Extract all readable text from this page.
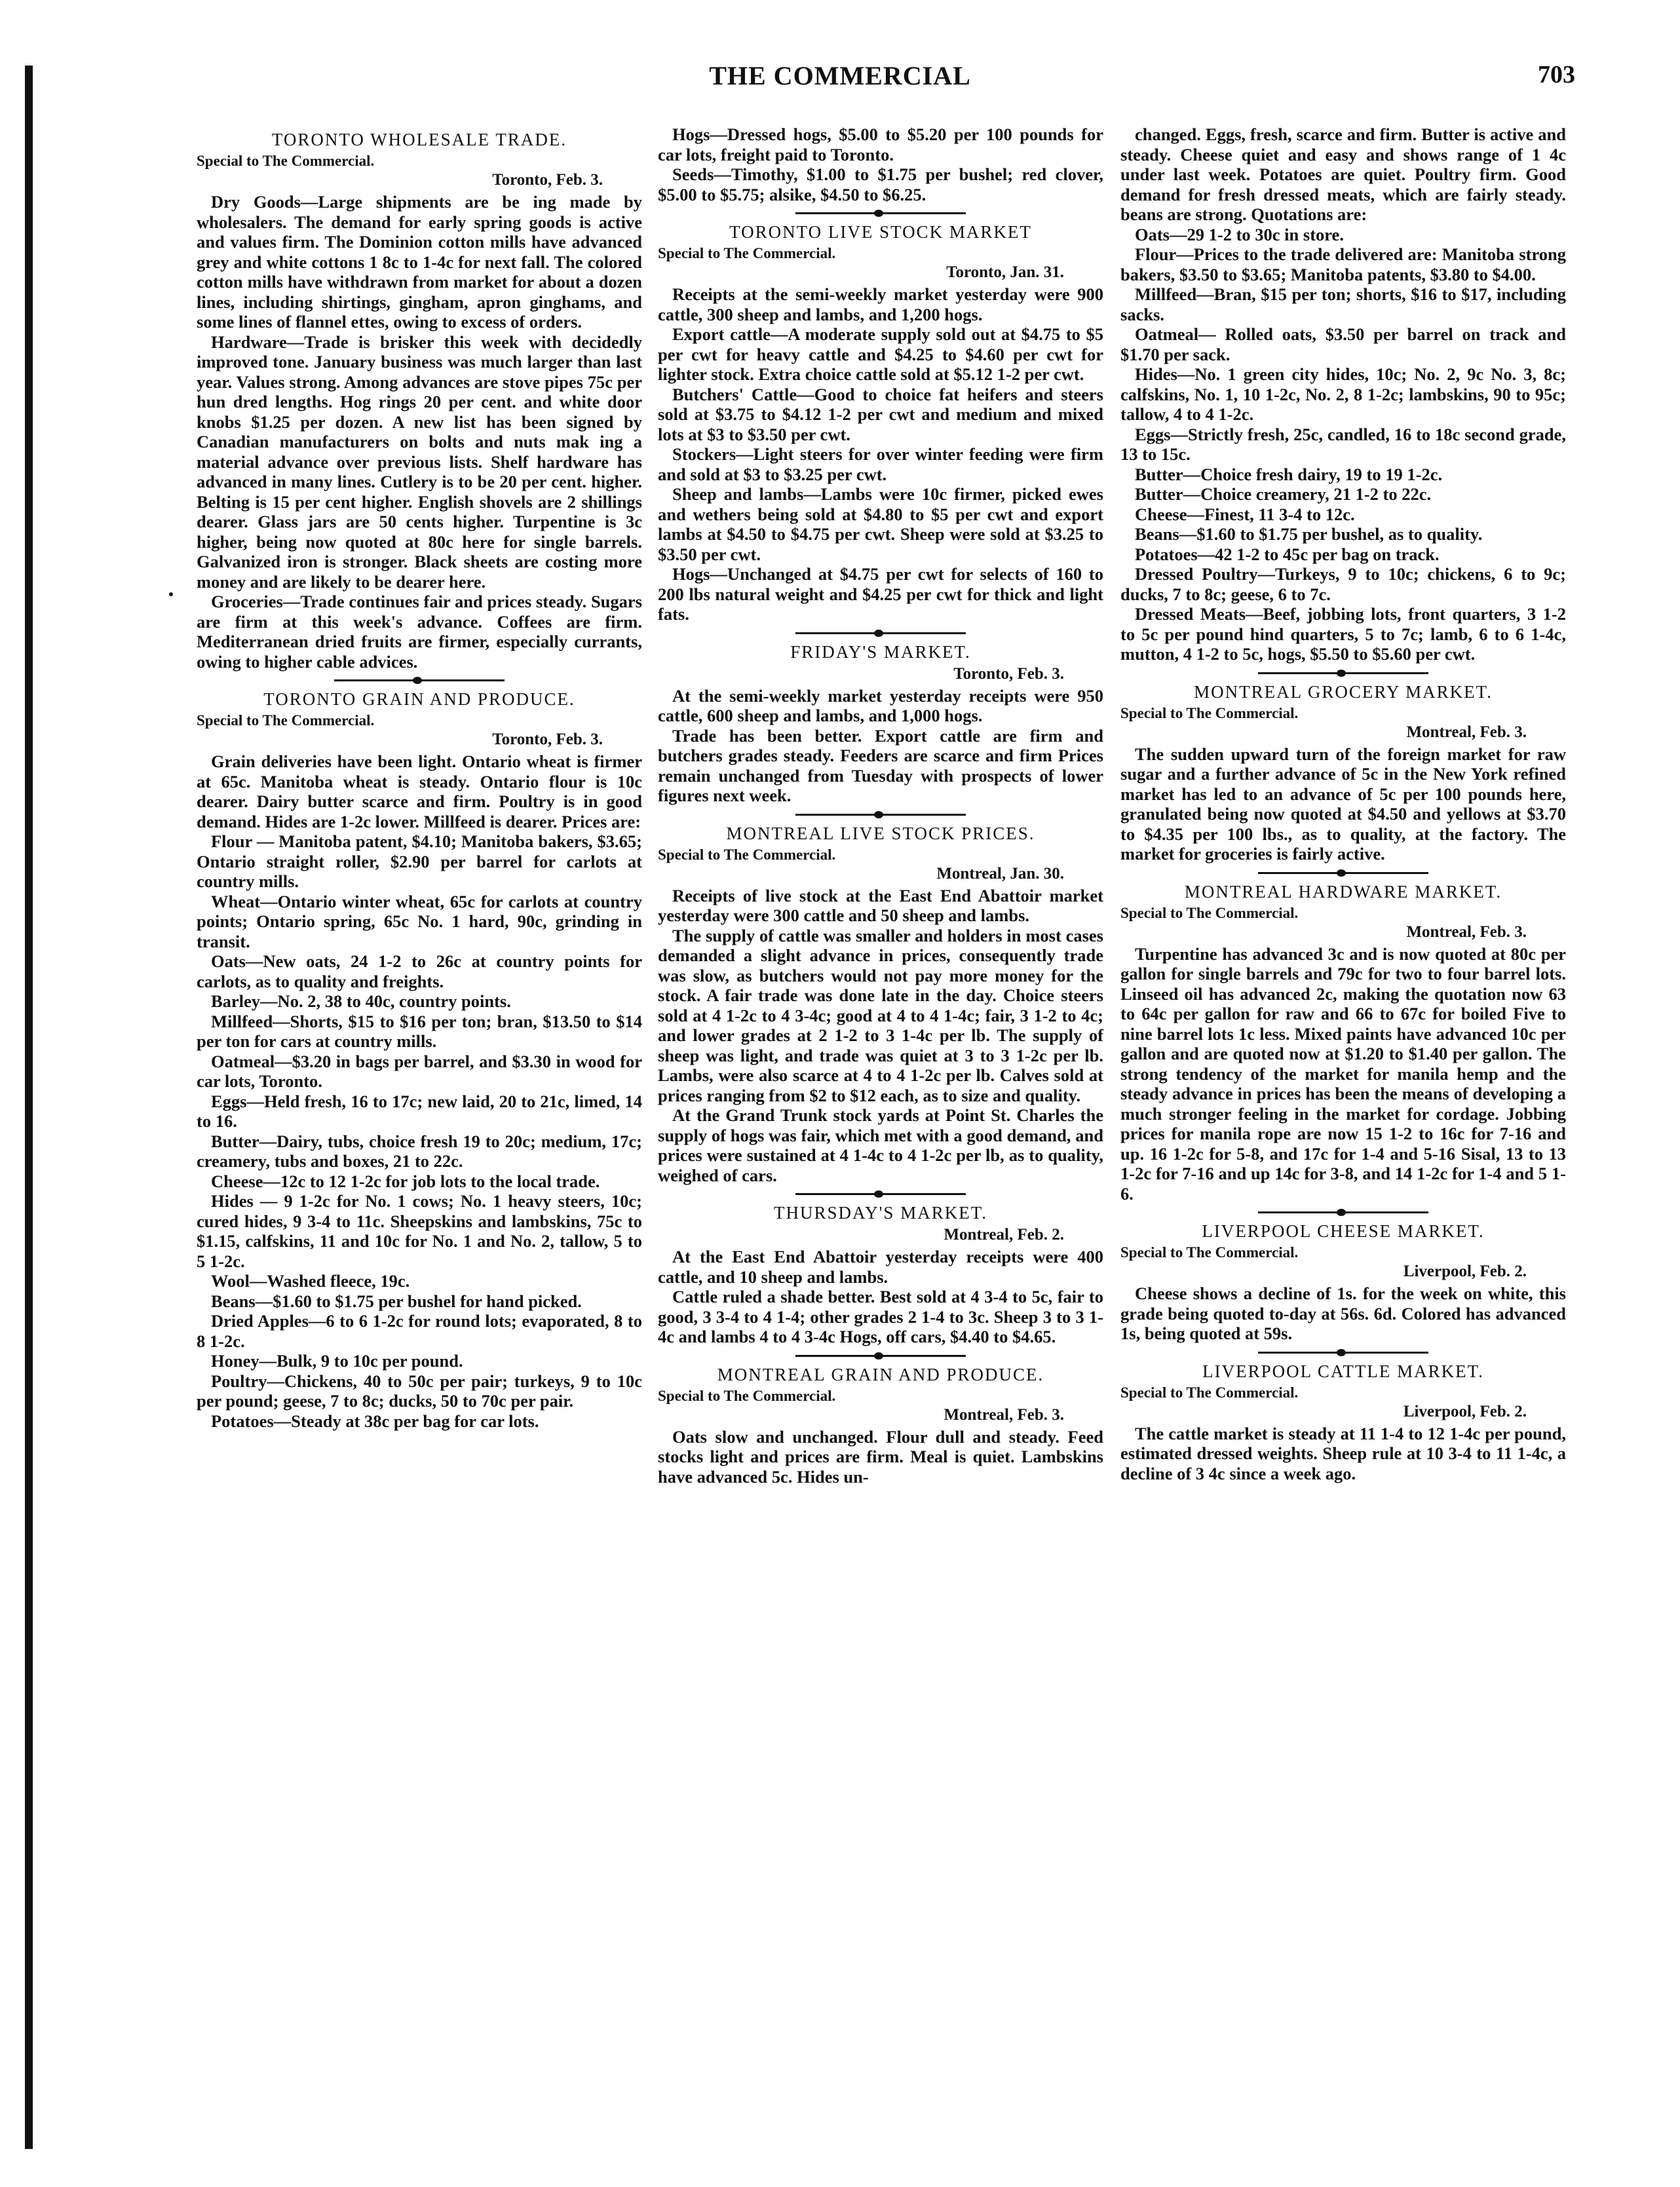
THE COMMERCIAL	703
TORONTO WHOLESALE TRADE.
Special to The Commercial.
Toronto, Feb. 3.

Dry Goods—Large shipments are be ing made by wholesalers. The demand for early spring goods is active and values firm. The Dominion cotton mills have advanced grey and white cottons 1 8c to 1-4c for next fall. The colored cotton mills have withdrawn from market for about a dozen lines, including shirtings, gingham, apron ginghams, and some lines of flannel ettes, owing to excess of orders.

Hardware—Trade is brisker this week with decidedly improved tone. January business was much larger than last year. Values strong. Among advances are stove pipes 75c per hun dred lengths. Hog rings 20 per cent. and white door knobs $1.25 per dozen. A new list has been signed by Canadian manufacturers on bolts and nuts mak ing a material advance over previous lists. Shelf hardware has advanced in many lines. Cutlery is to be 20 per cent. higher. Belting is 15 per cent higher. English shovels are 2 shillings dearer. Glass jars are 50 cents higher. Turpentine is 3c higher, being now quoted at 80c here for single barrels. Galvanized iron is stronger. Black sheets are costing more money and are likely to be dearer here.

Groceries—Trade continues fair and prices steady. Sugars are firm at this week's advance. Coffees are firm. Mediterranean dried fruits are firmer, especially currants, owing to higher cable advices.

TORONTO GRAIN AND PRODUCE.
Special to The Commercial.
Toronto, Feb. 3.

Grain deliveries have been light. Ontario wheat is firmer at 65c. Manitoba wheat is steady. Ontario flour is 10c dearer. Dairy butter scarce and firm. Poultry is in good demand. Hides are 1-2c lower. Millfeed is dearer. Prices are:

Flour — Manitoba patent, $4.10; Manitoba bakers, $3.65; Ontario straight roller, $2.90 per barrel for carlots at country mills.

Wheat—Ontario winter wheat, 65c for carlots at country points; Ontario spring, 65c No. 1 hard, 90c, grinding in transit.

Oats—New oats, 24 1-2 to 26c at country points for carlots, as to quality and freights.

Barley—No. 2, 38 to 40c, country points.

Millfeed—Shorts, $15 to $16 per ton; bran, $13.50 to $14 per ton for cars at country mills.

Oatmeal—$3.20 in bags per barrel, and $3.30 in wood for car lots, Toronto.

Eggs—Held fresh, 16 to 17c; new laid, 20 to 21c, limed, 14 to 16.

Butter—Dairy, tubs, choice fresh 19 to 20c; medium, 17c; creamery, tubs and boxes, 21 to 22c.

Cheese—12c to 12 1-2c for job lots to the local trade.

Hides — 9 1-2c for No. 1 cows; No. 1 heavy steers, 10c; cured hides, 9 3-4 to 11c. Sheepskins and lambskins, 75c to $1.15, calfskins, 11 and 10c for No. 1 and No. 2, tallow, 5 to 5 1-2c.

Wool—Washed fleece, 19c.

Beans—$1.60 to $1.75 per bushel for hand picked.

Dried Apples—6 to 6 1-2c for round lots; evaporated, 8 to 8 1-2c.

Honey—Bulk, 9 to 10c per pound.

Poultry—Chickens, 40 to 50c per pair; turkeys, 9 to 10c per pound; geese, 7 to 8c; ducks, 50 to 70c per pair.

Potatoes—Steady at 38c per bag for car lots.

Hogs—Dressed hogs, $5.00 to $5.20 per 100 pounds for car lots, freight paid to Toronto.

Seeds—Timothy, $1.00 to $1.75 per bushel; red clover, $5.00 to $5.75; alsike, $4.50 to $6.25.

TORONTO LIVE STOCK MARKET
Special to The Commercial.
Toronto, Jan. 31.

Receipts at the semi-weekly market yesterday were 900 cattle, 300 sheep and lambs, and 1,200 hogs.

Export cattle—A moderate supply sold out at $4.75 to $5 per cwt for heavy cattle and $4.25 to $4.60 per cwt for lighter stock. Extra choice cattle sold at $5.12 1-2 per cwt.

Butchers' Cattle—Good to choice fat heifers and steers sold at $3.75 to $4.12 1-2 per cwt and medium and mixed lots at $3 to $3.50 per cwt.

Stockers—Light steers for over winter feeding were firm and sold at $3 to $3.25 per cwt.

Sheep and lambs—Lambs were 10c firmer, picked ewes and wethers being sold at $4.80 to $5 per cwt and export lambs at $4.50 to $4.75 per cwt. Sheep were sold at $3.25 to $3.50 per cwt.

Hogs—Unchanged at $4.75 per cwt for selects of 160 to 200 lbs natural weight and $4.25 per cwt for thick and light fats.

FRIDAY'S MARKET.
Toronto, Feb. 3.

At the semi-weekly market yesterday receipts were 950 cattle, 600 sheep and lambs, and 1,000 hogs.

Trade has been better. Export cattle are firm and butchers grades steady. Feeders are scarce and firm Prices remain unchanged from Tuesday with prospects of lower figures next week.

MONTREAL LIVE STOCK PRICES.
Special to The Commercial.
Montreal, Jan. 30.

Receipts of live stock at the East End Abattoir market yesterday were 300 cattle and 50 sheep and lambs.

The supply of cattle was smaller and holders in most cases demanded a slight advance in prices, consequently trade was slow, as butchers would not pay more money for the stock. A fair trade was done late in the day. Choice steers sold at 4 1-2c to 4 3-4c; good at 4 to 4 1-4c; fair, 3 1-2 to 4c; and lower grades at 2 1-2 to 3 1-4c per lb. The supply of sheep was light, and trade was quiet at 3 to 3 1-2c per lb. Lambs, were also scarce at 4 to 4 1-2c per lb. Calves sold at prices ranging from $2 to $12 each, as to size and quality.

At the Grand Trunk stock yards at Point St. Charles the supply of hogs was fair, which met with a good demand, and prices were sustained at 4 1-4c to 4 1-2c per lb, as to quality, weighed of cars.

THURSDAY'S MARKET.
Montreal, Feb. 2.

At the East End Abattoir yesterday receipts were 400 cattle, and 10 sheep and lambs.

Cattle ruled a shade better. Best sold at 4 3-4 to 5c, fair to good, 3 3-4 to 4 1-4; other grades 2 1-4 to 3c. Sheep 3 to 3 1-4c and lambs 4 to 4 3-4c Hogs, off cars, $4.40 to $4.65.

MONTREAL GRAIN AND PRODUCE.
Special to The Commercial.
Montreal, Feb. 3.

Oats slow and unchanged. Flour dull and steady. Feed stocks light and prices are firm. Meal is quiet. Lambskins have advanced 5c. Hides un-

changed. Eggs, fresh, scarce and firm. Butter is active and steady. Cheese quiet and easy and shows range of 1 4c under last week. Potatoes are quiet. Poultry firm. Good demand for fresh dressed meats, which are fairly steady. beans are strong. Quotations are:

Oats—29 1-2 to 30c in store.

Flour—Prices to the trade delivered are: Manitoba strong bakers, $3.50 to $3.65; Manitoba patents, $3.80 to $4.00.

Millfeed—Bran, $15 per ton; shorts, $16 to $17, including sacks.

Oatmeal— Rolled oats, $3.50 per barrel on track and $1.70 per sack.

Hides—No. 1 green city hides, 10c; No. 2, 9c No. 3, 8c; calfskins, No. 1, 10 1-2c, No. 2, 8 1-2c; lambskins, 90 to 95c; tallow, 4 to 4 1-2c.

Eggs—Strictly fresh, 25c, candled, 16 to 18c second grade, 13 to 15c.

Butter—Choice fresh dairy, 19 to 19 1-2c.

Butter—Choice creamery, 21 1-2 to 22c.

Cheese—Finest, 11 3-4 to 12c.

Beans—$1.60 to $1.75 per bushel, as to quality.

Potatoes—42 1-2 to 45c per bag on track.

Dressed Poultry—Turkeys, 9 to 10c; chickens, 6 to 9c; ducks, 7 to 8c; geese, 6 to 7c.

Dressed Meats—Beef, jobbing lots, front quarters, 3 1-2 to 5c per pound hind quarters, 5 to 7c; lamb, 6 to 6 1-4c, mutton, 4 1-2 to 5c, hogs, $5.50 to $5.60 per cwt.

MONTREAL GROCERY MARKET.
Special to The Commercial.
Montreal, Feb. 3.

The sudden upward turn of the foreign market for raw sugar and a further advance of 5c in the New York refined market has led to an advance of 5c per 100 pounds here, granulated being now quoted at $4.50 and yellows at $3.70 to $4.35 per 100 lbs., as to quality, at the factory. The market for groceries is fairly active.

MONTREAL HARDWARE MARKET.
Special to The Commercial.
Montreal, Feb. 3.

Turpentine has advanced 3c and is now quoted at 80c per gallon for single barrels and 79c for two to four barrel lots. Linseed oil has advanced 2c, making the quotation now 63 to 64c per gallon for raw and 66 to 67c for boiled Five to nine barrel lots 1c less. Mixed paints have advanced 10c per gallon and are quoted now at $1.20 to $1.40 per gallon. The strong tendency of the market for manila hemp and the steady advance in prices has been the means of developing a much stronger feeling in the market for cordage. Jobbing prices for manila rope are now 15 1-2 to 16c for 7-16 and up. 16 1-2c for 5-8, and 17c for 1-4 and 5-16 Sisal, 13 to 13 1-2c for 7-16 and up 14c for 3-8, and 14 1-2c for 1-4 and 5 1-6.

LIVERPOOL CHEESE MARKET.
Special to The Commercial.
Liverpool, Feb. 2.

Cheese shows a decline of 1s. for the week on white, this grade being quoted to-day at 56s. 6d. Colored has advanced 1s, being quoted at 59s.

LIVERPOOL CATTLE MARKET.
Special to The Commercial.
Liverpool, Feb. 2.

The cattle market is steady at 11 1-4 to 12 1-4c per pound, estimated dressed weights. Sheep rule at 10 3-4 to 11 1-4c, a decline of 3 4c since a week ago.
